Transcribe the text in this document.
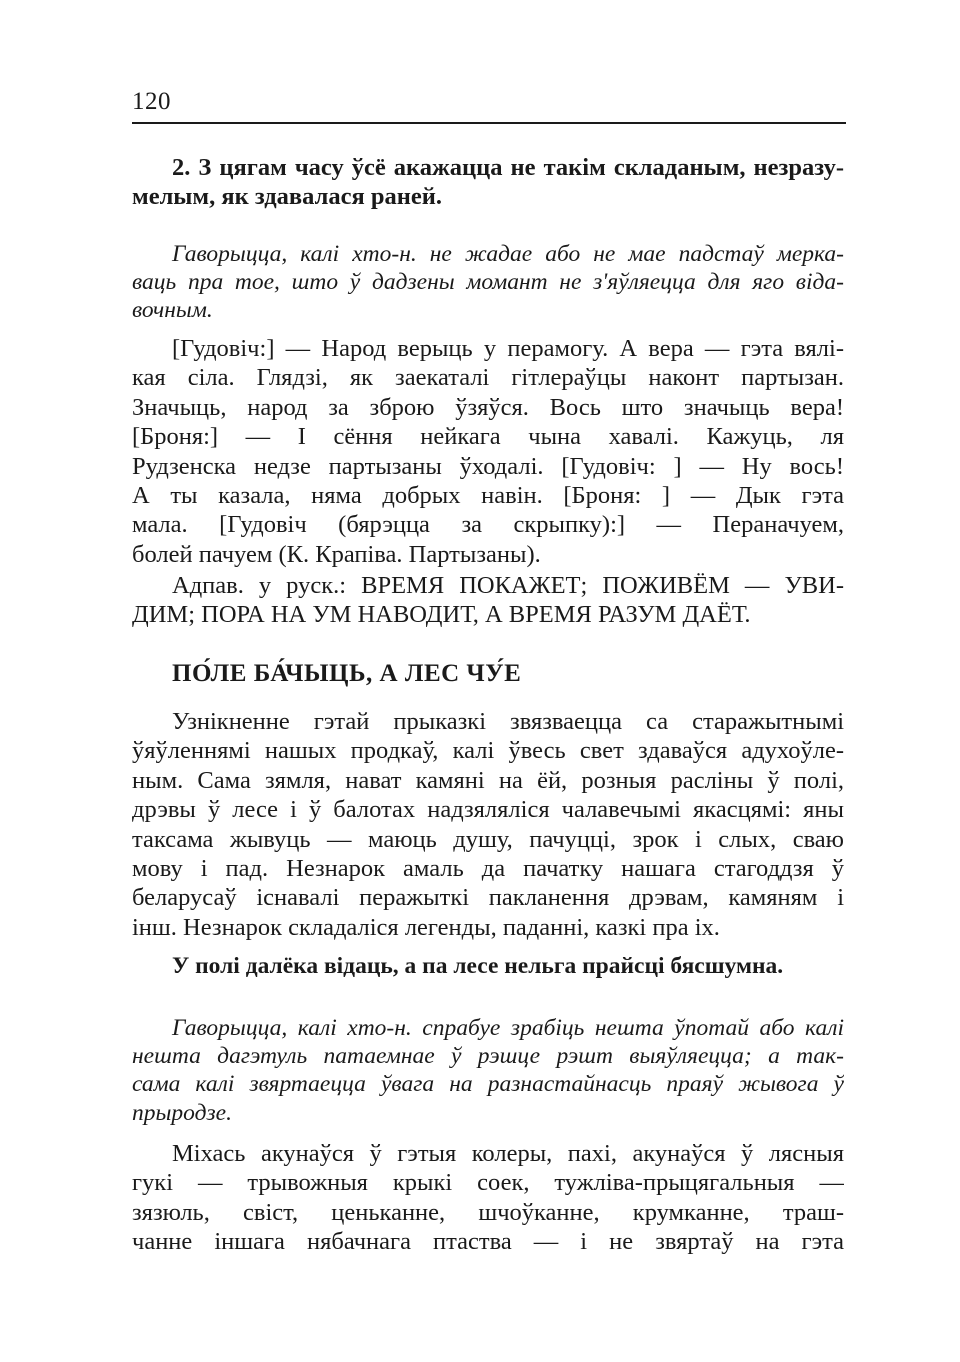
120
2. З цягам часу ўсё акажацца не такім складаным, незразу-
мелым, як здавалася раней.
Гаворыцца, калі хто-н. не жадае або не мае падстаў мерка-
ваць пра тое, што ў дадзены момант не з'яўляецца для яго відa-
вочным.
[Гудовіч:] — Народ верыць у перамогу. А вера — гэта вялі-
кая сіла. Глядзі, як заекаталі гітлераўцы наконт партызан.
Значыць, народ за зброю ўзяўся. Вось што значыць вера!
[Броня:] — І сёння нейкага чына хавалі. Кажуць, ля
Рудзенска недзе партызаны ўходалі. [Гудовіч: ] — Ну вось!
А ты казала, няма добрых навін. [Броня: ] — Дык гэта
мала. [Гудовіч (бярэцца за скрыпку):] — Пераначуем,
болей пачуем (К. Крапіва. Партызаны).
Адпав. у руск.: ВРЕМЯ ПОКАЖЕТ; ПОЖИВЁМ — УВИ-
ДИМ; ПОРА НА УМ НАВОДИТ, А ВРЕМЯ РАЗУМ ДАЁТ.
ПО́ЛЕ БА́ЧЫЦЬ, А ЛЕС ЧУ́Е
Узнікненне гэтай прыказкі звязваецца са старажытнымі
ўяўленнямі нашых продкаў, калі ўвесь свет здаваўся адухоўле-
ным. Сама зямля, нават камяні на ёй, розныя расліны ў полі,
дрэвы ў лесе і ў балотах надзяляліся чалавечымі якасцямі: яны
таксама жывуць — маюць душу, пачуцці, зрок і слых, сваю
мову і пад. Незнарок амаль да пачатку нашага стагоддзя ў
беларусаў існавалі перажыткі пакланення дрэвам, камяням і
інш. Незнарок складаліся легенды, паданні, казкі пра іх.
У полі далёка відаць, а па лесе нельга прайсці бясшумна.
Гаворыцца, калі хто-н. спрабуе зрабіць нешта ўпотай або калі
нешта дагэтуль патаемнае ў рэшце рэшт выяўляецца; а так-
сама калі звяртаецца ўвага на разнастайнасць праяў жывога ў
прыродзе.
Міхась акунаўся ў гэтыя колеры, пахі, акунаўся ў лясныя
гукі — трывожныя крыкі соек, тужліва-прыцягальныя —
зязюль, свіст, ценьканне, шчоўканне, крумканне, траш-
чанне іншага нябачнага птаства — і не звяртаў на гэта
